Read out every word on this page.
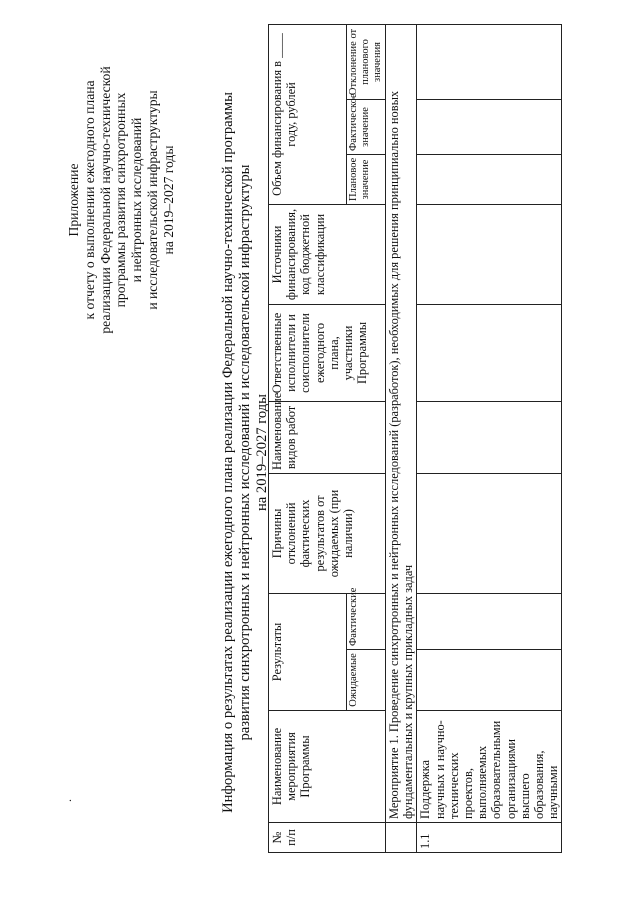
.
Приложение к отчету о выполнении ежегодного плана реализации Федеральной научно-технической программы развития синхротронных и нейтронных исследований и исследовательской инфраструктуры на 2019–2027 годы	Информация о результатах реализации ежегодного плана реализации Федеральной научно-технической программы развития синхротронных и нейтронных исследований и исследовательской инфраструктуры на 2019–2027 годы
№ п/п	Наименование мероприятия Программы	Результаты		Причины отклонений фактических результатов от ожидаемых (при наличии)	Наименование видов работ	Ответственные исполнители и соисполнители ежегодного плана, участники Программы	Источники финансирования, код бюджетной классификации	Объем финансирования в ____ году, рублей		
		Ожидаемые	Фактические					Плановое значение	Фактическое значение	Отклонение от планового значения
	Мероприятие 1. Проведение синхротронных и нейтронных исследований (разработок), необходимых для решения принципиально новых фундаментальных и крупных прикладных задач									
1.1	Поддержка научных и научно-технических проектов, выполняемых образовательными организациями высшего образования, научными									
